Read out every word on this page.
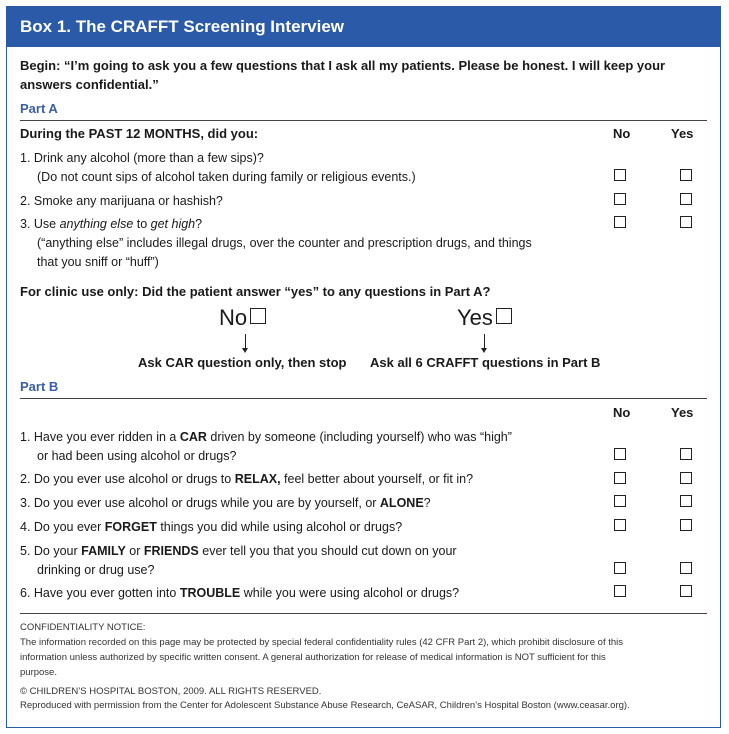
Box 1. The CRAFFT Screening Interview
Begin: “I’m going to ask you a few questions that I ask all my patients. Please be honest. I will keep your
answers confidential.”
Part A
During the PAST 12 MONTHS, did you:	No	Yes
1. Drink any alcohol (more than a few sips)?
(Do not count sips of alcohol taken during family or religious events.)
2. Smoke any marijuana or hashish?
3. Use anything else to get high?
(“anything else” includes illegal drugs, over the counter and prescription drugs, and things
that you sniff or “huff”)
For clinic use only: Did the patient answer “yes” to any questions in Part A?
No	Yes
Ask CAR question only, then stop Ask all 6 CRAFFT questions in Part B
Part B
No	Yes
1. Have you ever ridden in a CAR driven by someone (including yourself) who was “high”
or had been using alcohol or drugs?
2. Do you ever use alcohol or drugs to RELAX, feel better about yourself, or fit in?
3. Do you ever use alcohol or drugs while you are by yourself, or ALONE?
4. Do you ever FORGET things you did while using alcohol or drugs?
5. Do your FAMILY or FRIENDS ever tell you that you should cut down on your
drinking or drug use?
6. Have you ever gotten into TROUBLE while you were using alcohol or drugs?
CONFIDENTIALITY NOTICE:
The information recorded on this page may be protected by special federal confidentiality rules (42 CFR Part 2), which prohibit disclosure of this
information unless authorized by specific written consent. A general authorization for release of medical information is NOT sufficient for this
purpose.
© CHILDREN’S HOSPITAL BOSTON, 2009. ALL RIGHTS RESERVED.
Reproduced with permission from the Center for Adolescent Substance Abuse Research, CeASAR, Children’s Hospital Boston (www.ceasar.org).
